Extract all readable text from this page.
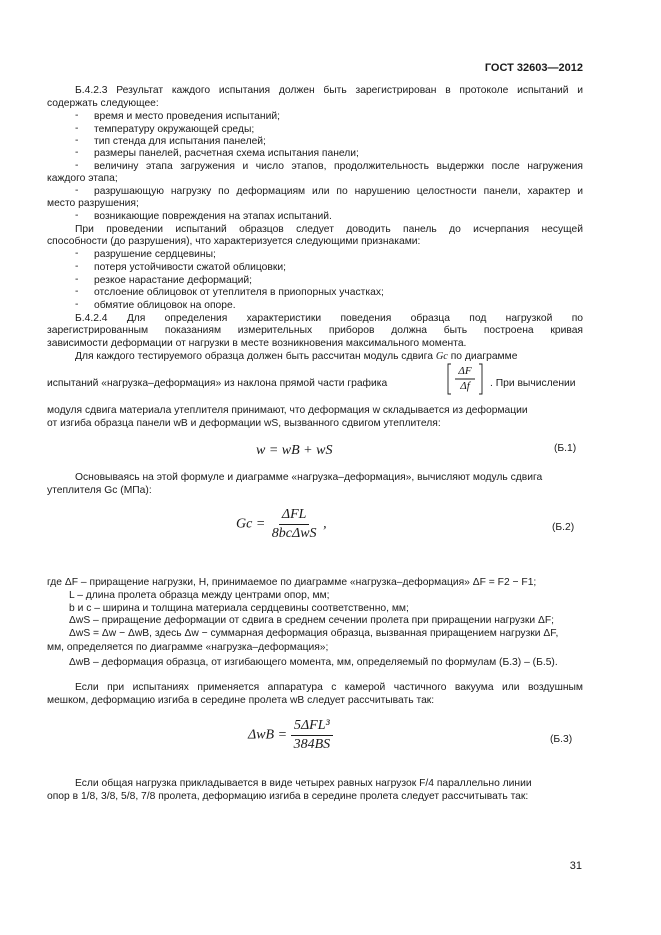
ГОСТ 32603—2012
Б.4.2.3 Результат каждого испытания должен быть зарегистрирован в протоколе испытаний и
содержать следующее:
- время и место проведения испытаний;
- температуру окружающей среды;
- тип стенда для испытания панелей;
- размеры панелей, расчетная схема испытания панели;
- величину этапа загружения и число этапов, продолжительность выдержки после нагружения
каждого этапа;
- разрушающую нагрузку по деформациям или по нарушению целостности панели, характер и
место разрушения;
- возникающие повреждения на этапах испытаний.
При проведении испытаний образцов следует доводить панель до исчерпания несущей
способности (до разрушения), что характеризуется следующими признаками:
- разрушение сердцевины;
- потеря устойчивости сжатой облицовки;
- резкое нарастание деформаций;
- отслоение облицовок от утеплителя в приопорных участках;
- обмятие облицовок на опоре.
Б.4.2.4 Для определения характеристики поведения образца под нагрузкой по
зарегистрированным показаниям измерительных приборов должна быть построена кривая
зависимости деформации от нагрузки в месте возникновения максимального момента.
Для каждого тестируемого образца должен быть рассчитан модуль сдвига Gc по диаграмме
испытаний «нагрузка–деформация» из наклона прямой части графика
ΔF
Δf	. При вычислении
модуля сдвига материала утеплителя принимают, что деформация w складывается из деформации
от изгиба образца панели wB и деформации wS, вызванного сдвигом утеплителя:
w = wB + wS	(Б.1)
Основываясь на этой формуле и диаграмме «нагрузка–деформация», вычисляют модуль сдвига
утеплителя Gc (МПа):
$Gc = \frac{\text{ΔFL}}{\text{8bcΔwS}}$ ,	(Б.2)
где ΔF – приращение нагрузки, Н, принимаемое по диаграмме «нагрузка–деформация» ΔF = F2 − F1;
L – длина пролета образца между центрами опор, мм;
b и c – ширина и толщина материала сердцевины соответственно, мм;
ΔwS – приращение деформации от сдвига в среднем сечении пролета при приращении нагрузки ΔF;
ΔwS = Δw − ΔwB, здесь Δw − суммарная деформация образца, вызванная приращением нагрузки ΔF,
мм, определяется по диаграмме «нагрузка–деформация»;
ΔwB – деформация образца, от изгибающего момента, мм, определяемый по формулам (Б.3) – (Б.5).
Если при испытаниях применяется аппаратура с камерой частичного вакуума или воздушным
мешком, деформацию изгиба в середине пролета wB следует рассчитывать так:
$\Delta wB = \frac{\text{5ΔFL³}}{384BS}$	(Б.3)
Если общая нагрузка прикладывается в виде четырех равных нагрузок F/4 параллельно линии
опор в 1/8, 3/8, 5/8, 7/8 пролета, деформацию изгиба в середине пролета следует рассчитывать так:
31
